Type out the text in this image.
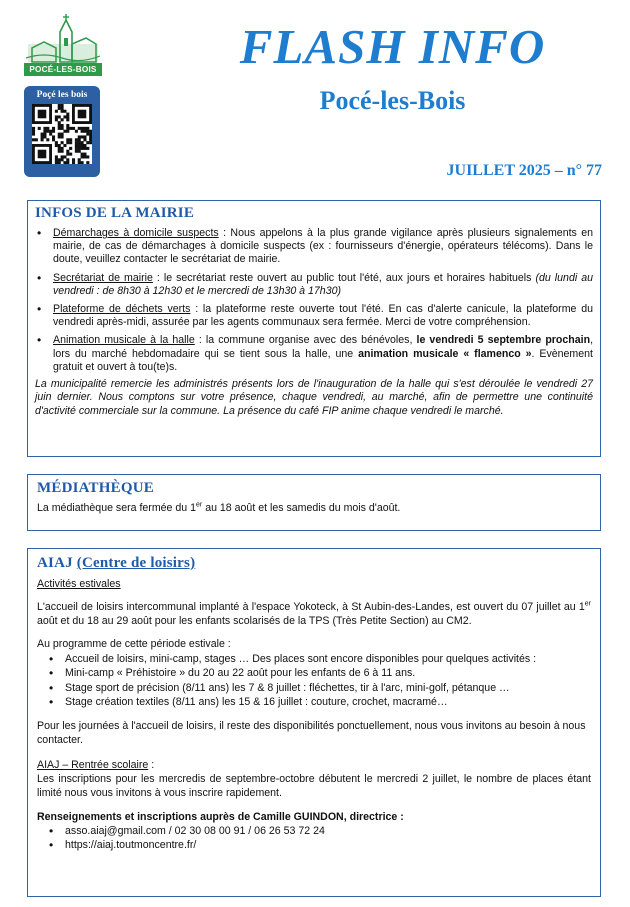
POCÉ-LES-BOIS
Poçé les bois
FLASH INFO
Pocé-les-Bois
JUILLET 2025 – n° 77
INFOS DE LA MAIRIE
• Démarchages à domicile suspects : Nous appelons à la plus grande vigilance après plusieurs signalements en mairie, de cas de démarchages à domicile suspects (ex : fournisseurs d'énergie, opérateurs télécoms). Dans le doute, veuillez contacter le secrétariat de mairie.
• Secrétariat de mairie : le secrétariat reste ouvert au public tout l'été, aux jours et horaires habituels (du lundi au vendredi : de 8h30 à 12h30 et le mercredi de 13h30 à 17h30)
• Plateforme de déchets verts : la plateforme reste ouverte tout l'été. En cas d'alerte canicule, la plateforme du vendredi après-midi, assurée par les agents communaux sera fermée. Merci de votre compréhension.
• Animation musicale à la halle : la commune organise avec des bénévoles, le vendredi 5 septembre prochain, lors du marché hebdomadaire qui se tient sous la halle, une animation musicale « flamenco ». Evènement gratuit et ouvert à tou(te)s.

La municipalité remercie les administrés présents lors de l'inauguration de la halle qui s'est déroulée le vendredi 27 juin dernier. Nous comptons sur votre présence, chaque vendredi, au marché, afin de permettre une continuité d'activité commerciale sur la commune. La présence du café FIP anime chaque vendredi le marché.

MÉDIATHÈQUE

La médiathèque sera fermée du 1er au 18 août et les samedis du mois d'août.

AIAJ (Centre de loisirs)

Activités estivales

L'accueil de loisirs intercommunal implanté à l'espace Yokoteck, à St Aubin-des-Landes, est ouvert du 07 juillet au 1er août et du 18 au 29 août pour les enfants scolarisés de la TPS (Très Petite Section) au CM2.

Au programme de cette période estivale :

• Accueil de loisirs, mini-camp, stages … Des places sont encore disponibles pour quelques activités :
• Mini-camp « Préhistoire » du 20 au 22 août pour les enfants de 6 à 11 ans.
• Stage sport de précision (8/11 ans) les 7 & 8 juillet : fléchettes, tir à l'arc, mini-golf, pétanque …
• Stage création textiles (8/11 ans) les 15 & 16 juillet : couture, crochet, macramé…

Pour les journées à l'accueil de loisirs, il reste des disponibilités ponctuellement, nous vous invitons au besoin à nous contacter.

AIAJ – Rentrée scolaire :

Les inscriptions pour les mercredis de septembre-octobre débutent le mercredi 2 juillet, le nombre de places étant limité nous vous invitons à vous inscrire rapidement.

Renseignements et inscriptions auprès de Camille GUINDON, directrice :

• asso.aiaj@gmail.com / 02 30 08 00 91 / 06 26 53 72 24
• https://aiaj.toutmoncentre.fr/
